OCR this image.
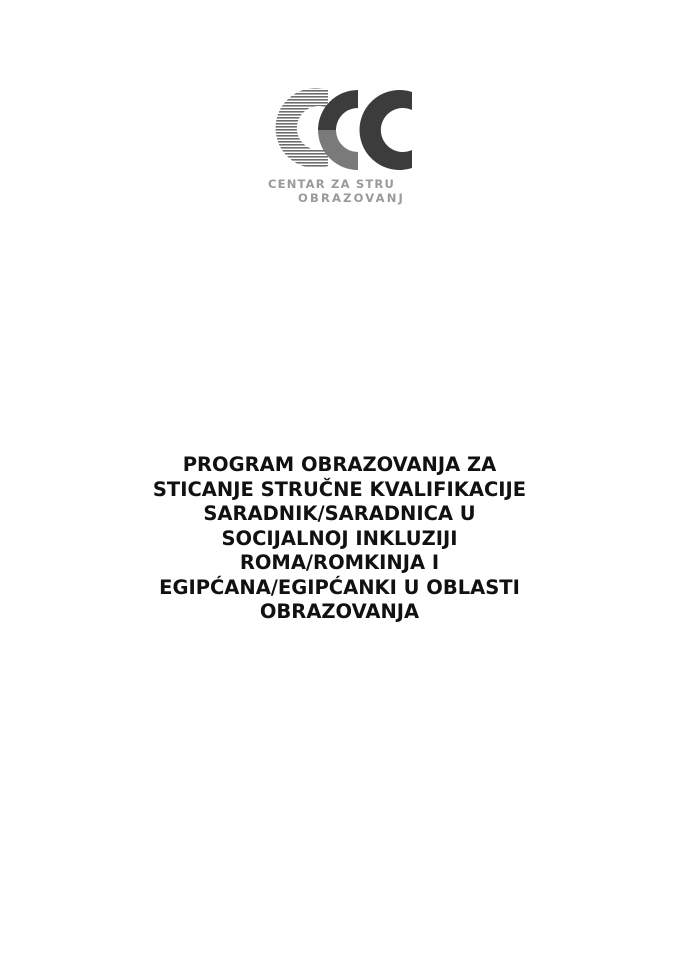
CENTAR ZA STRU
OBRAZOVANJ
PROGRAM OBRAZOVANJA ZA
STICANJE STRUČNE KVALIFIKACIJE
SARADNIK/SARADNICA U
SOCIJALNOJ INKLUZIJI
ROMA/ROMKINJA I
EGIPĆANA/EGIPĆANKI U OBLASTI
OBRAZOVANJA
